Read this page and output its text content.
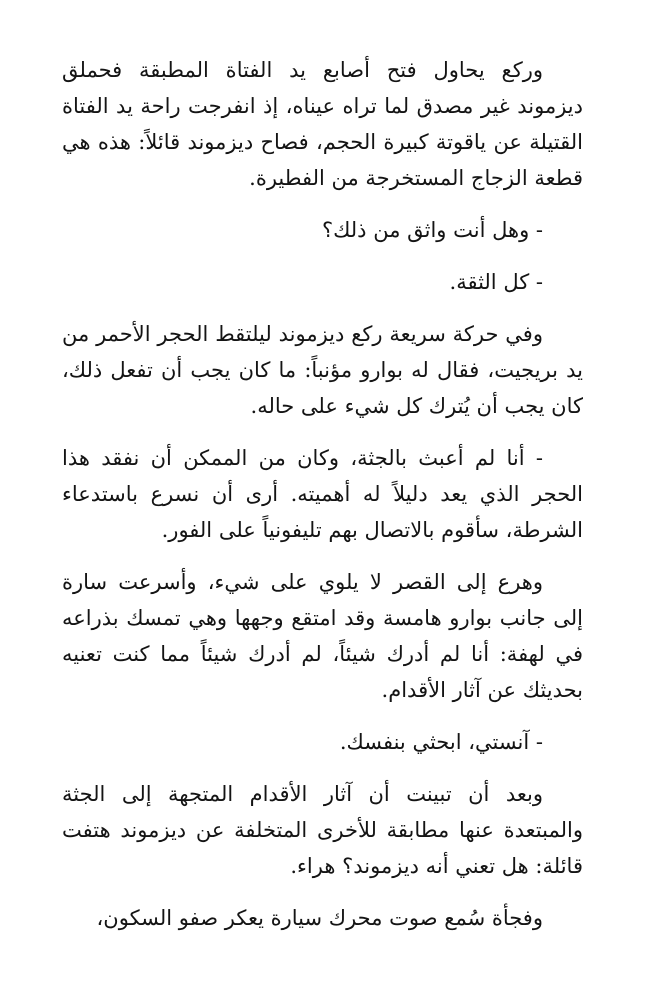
وركع يحاول فتح أصابع يد الفتاة المطبقة فحملق ديزموند غير مصدق لما تراه عيناه، إذ انفرجت راحة يد الفتاة القتيلة عن ياقوتة كبيرة الحجم، فصاح ديزموند قائلاً: هذه هي قطعة الزجاج المستخرجة من الفطيرة.

- وهل أنت واثق من ذلك؟

- كل الثقة.

وفي حركة سريعة ركع ديزموند ليلتقط الحجر الأحمر من يد بريجيت، فقال له بوارو مؤنباً: ما كان يجب أن تفعل ذلك، كان يجب أن يُترك كل شيء على حاله.

- أنا لم أعبث بالجثة، وكان من الممكن أن نفقد هذا الحجر الذي يعد دليلاً له أهميته. أرى أن نسرع باستدعاء الشرطة، سأقوم بالاتصال بهم تليفونياً على الفور.

وهرع إلى القصر لا يلوي على شيء، وأسرعت سارة إلى جانب بوارو هامسة وقد امتقع وجهها وهي تمسك بذراعه في لهفة: أنا لم أدرك شيئاً، لم أدرك شيئاً مما كنت تعنيه بحديثك عن آثار الأقدام.

- آنستي، ابحثي بنفسك.

وبعد أن تبينت أن آثار الأقدام المتجهة إلى الجثة والمبتعدة عنها مطابقة للأخرى المتخلفة عن ديزموند هتفت قائلة: هل تعني أنه ديزموند؟ هراء.

وفجأة سُمع صوت محرك سيارة يعكر صفو السكون،
